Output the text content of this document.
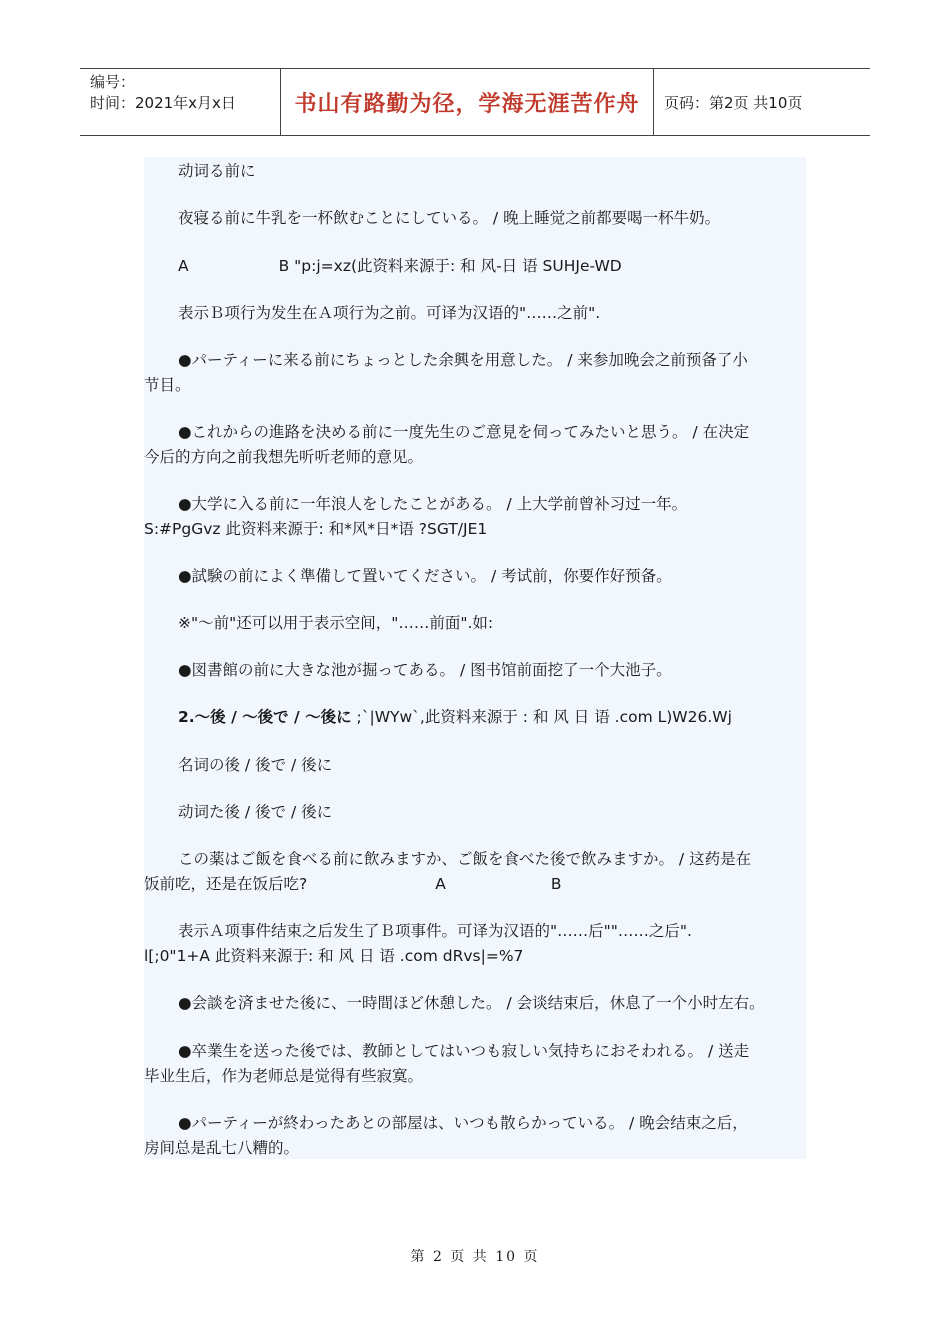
编号：
时间：2021年x月x日	书山有路勤为径，学海无涯苦作舟	页码：第2页 共10页

动词る前に

夜寝る前に牛乳を一杯飲むことにしている。 / 晚上睡觉之前都要喝一杯牛奶。

A	B "p:j=xz(此资料来源于: 和 风-日 语 SUHJe-WD

表示Ｂ项行为发生在Ａ项行为之前。可译为汉语的"……之前".

●パーティーに来る前にちょっとした余興を用意した。 / 来参加晚会之前预备了小
节目。

●これからの進路を決める前に一度先生のご意見を伺ってみたいと思う。 / 在决定
今后的方向之前我想先听听老师的意见。

●大学に入る前に一年浪人をしたことがある。 / 上大学前曾补习过一年。
S:#PgGvz 此资料来源于: 和*风*日*语 ?SGT/JE1

●試験の前によく準備して置いてください。 / 考试前，你要作好预备。

※"～前"还可以用于表示空间，"……前面".如:

●図書館の前に大きな池が掘ってある。 / 图书馆前面挖了一个大池子。

2.～後 / ～後で / ～後に ;`|WYw`,此资料来源于 : 和 风 日 语 .com L)W26.Wj

名词の後 / 後で / 後に

动词た後 / 後で / 後に

この薬はご飯を食べる前に飲みますか、ご飯を食べた後で飲みますか。 / 这药是在
饭前吃，还是在饭后吃?	A	B

表示Ａ项事件结束之后发生了Ｂ项事件。可译为汉语的"……后""……之后".
l[;0"1+A 此资料来源于: 和 风 日 语 .com dRvs|=%7

●会談を済ませた後に、一時間ほど休憩した。 / 会谈结束后，休息了一个小时左右。

●卒業生を送った後では、教師としてはいつも寂しい気持ちにおそわれる。 / 送走
毕业生后，作为老师总是觉得有些寂寞。

●パーティーが終わったあとの部屋は、いつも散らかっている。 / 晚会结束之后，
房间总是乱七八糟的。

第 2 页 共 10 页
